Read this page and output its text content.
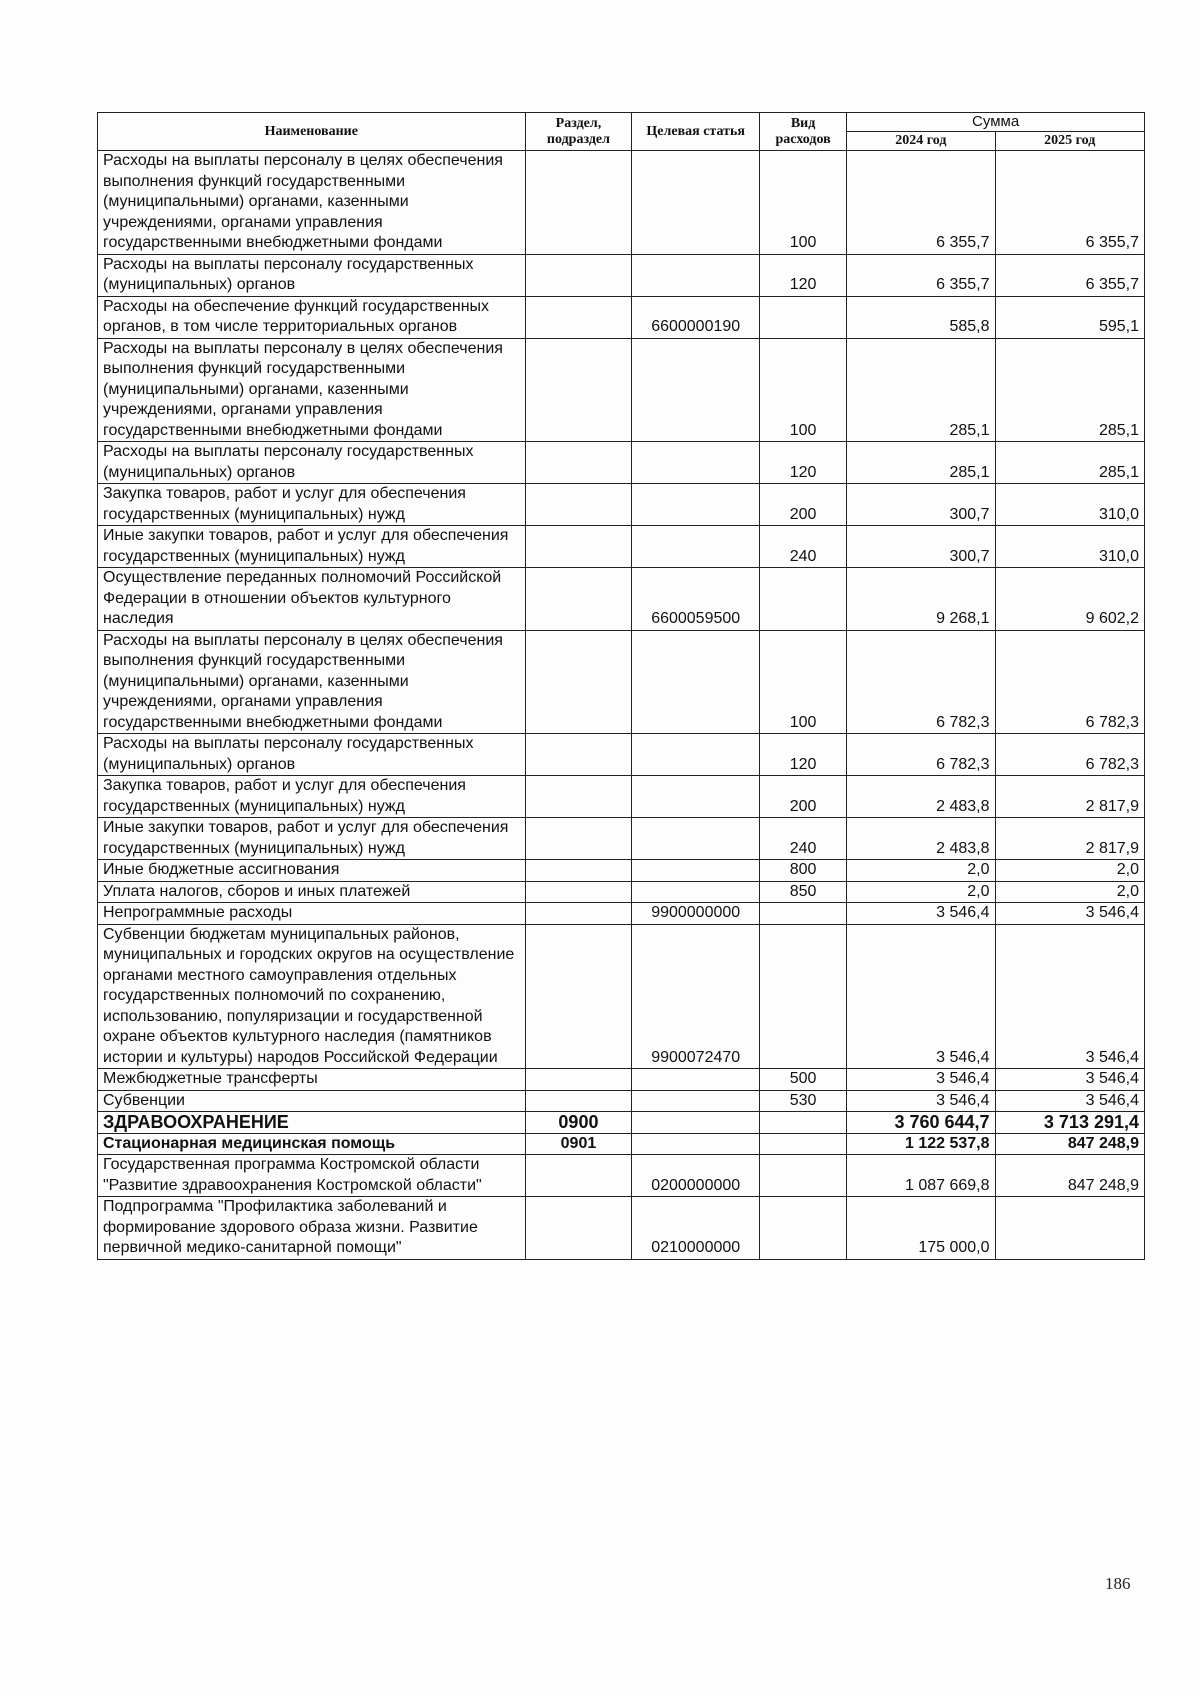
Наименование	Раздел, подраздел	Целевая статья	Вид расходов	Сумма	
				2024 год	2025 год
Расходы на выплаты персоналу в целях обеспечения выполнения функций государственными (муниципальными) органами, казенными учреждениями, органами управления государственными внебюджетными фондами			100	6 355,7	6 355,7
Расходы на выплаты персоналу государственных (муниципальных) органов			120	6 355,7	6 355,7
Расходы на обеспечение функций государственных органов, в том числе территориальных органов		6600000190		585,8	595,1
Расходы на выплаты персоналу в целях обеспечения выполнения функций государственными (муниципальными) органами, казенными учреждениями, органами управления государственными внебюджетными фондами			100	285,1	285,1
Расходы на выплаты персоналу государственных (муниципальных) органов			120	285,1	285,1
Закупка товаров, работ и услуг для обеспечения государственных (муниципальных) нужд			200	300,7	310,0
Иные закупки товаров, работ и услуг для обеспечения государственных (муниципальных) нужд			240	300,7	310,0
Осуществление переданных полномочий Российской Федерации в отношении объектов культурного наследия		6600059500		9 268,1	9 602,2
Расходы на выплаты персоналу в целях обеспечения выполнения функций государственными (муниципальными) органами, казенными учреждениями, органами управления государственными внебюджетными фондами			100	6 782,3	6 782,3
Расходы на выплаты персоналу государственных (муниципальных) органов			120	6 782,3	6 782,3
Закупка товаров, работ и услуг для обеспечения государственных (муниципальных) нужд			200	2 483,8	2 817,9
Иные закупки товаров, работ и услуг для обеспечения государственных (муниципальных) нужд			240	2 483,8	2 817,9
Иные бюджетные ассигнования			800	2,0	2,0
Уплата налогов, сборов и иных платежей			850	2,0	2,0
Непрограммные расходы		9900000000		3 546,4	3 546,4
Субвенции бюджетам муниципальных районов, муниципальных и городских округов на осуществление органами местного самоуправления отдельных государственных полномочий по сохранению, использованию, популяризации и государственной охране объектов культурного наследия (памятников истории и культуры) народов Российской Федерации		9900072470		3 546,4	3 546,4
Межбюджетные трансферты			500	3 546,4	3 546,4
Субвенции			530	3 546,4	3 546,4
ЗДРАВООХРАНЕНИЕ	0900			3 760 644,7	3 713 291,4
Стационарная медицинская помощь	0901			1 122 537,8	847 248,9
Государственная программа Костромской области "Развитие здравоохранения Костромской области"		0200000000		1 087 669,8	847 248,9
Подпрограмма "Профилактика заболеваний и формирование здорового образа жизни. Развитие первичной медико-санитарной помощи"		0210000000		175 000,0	
186
